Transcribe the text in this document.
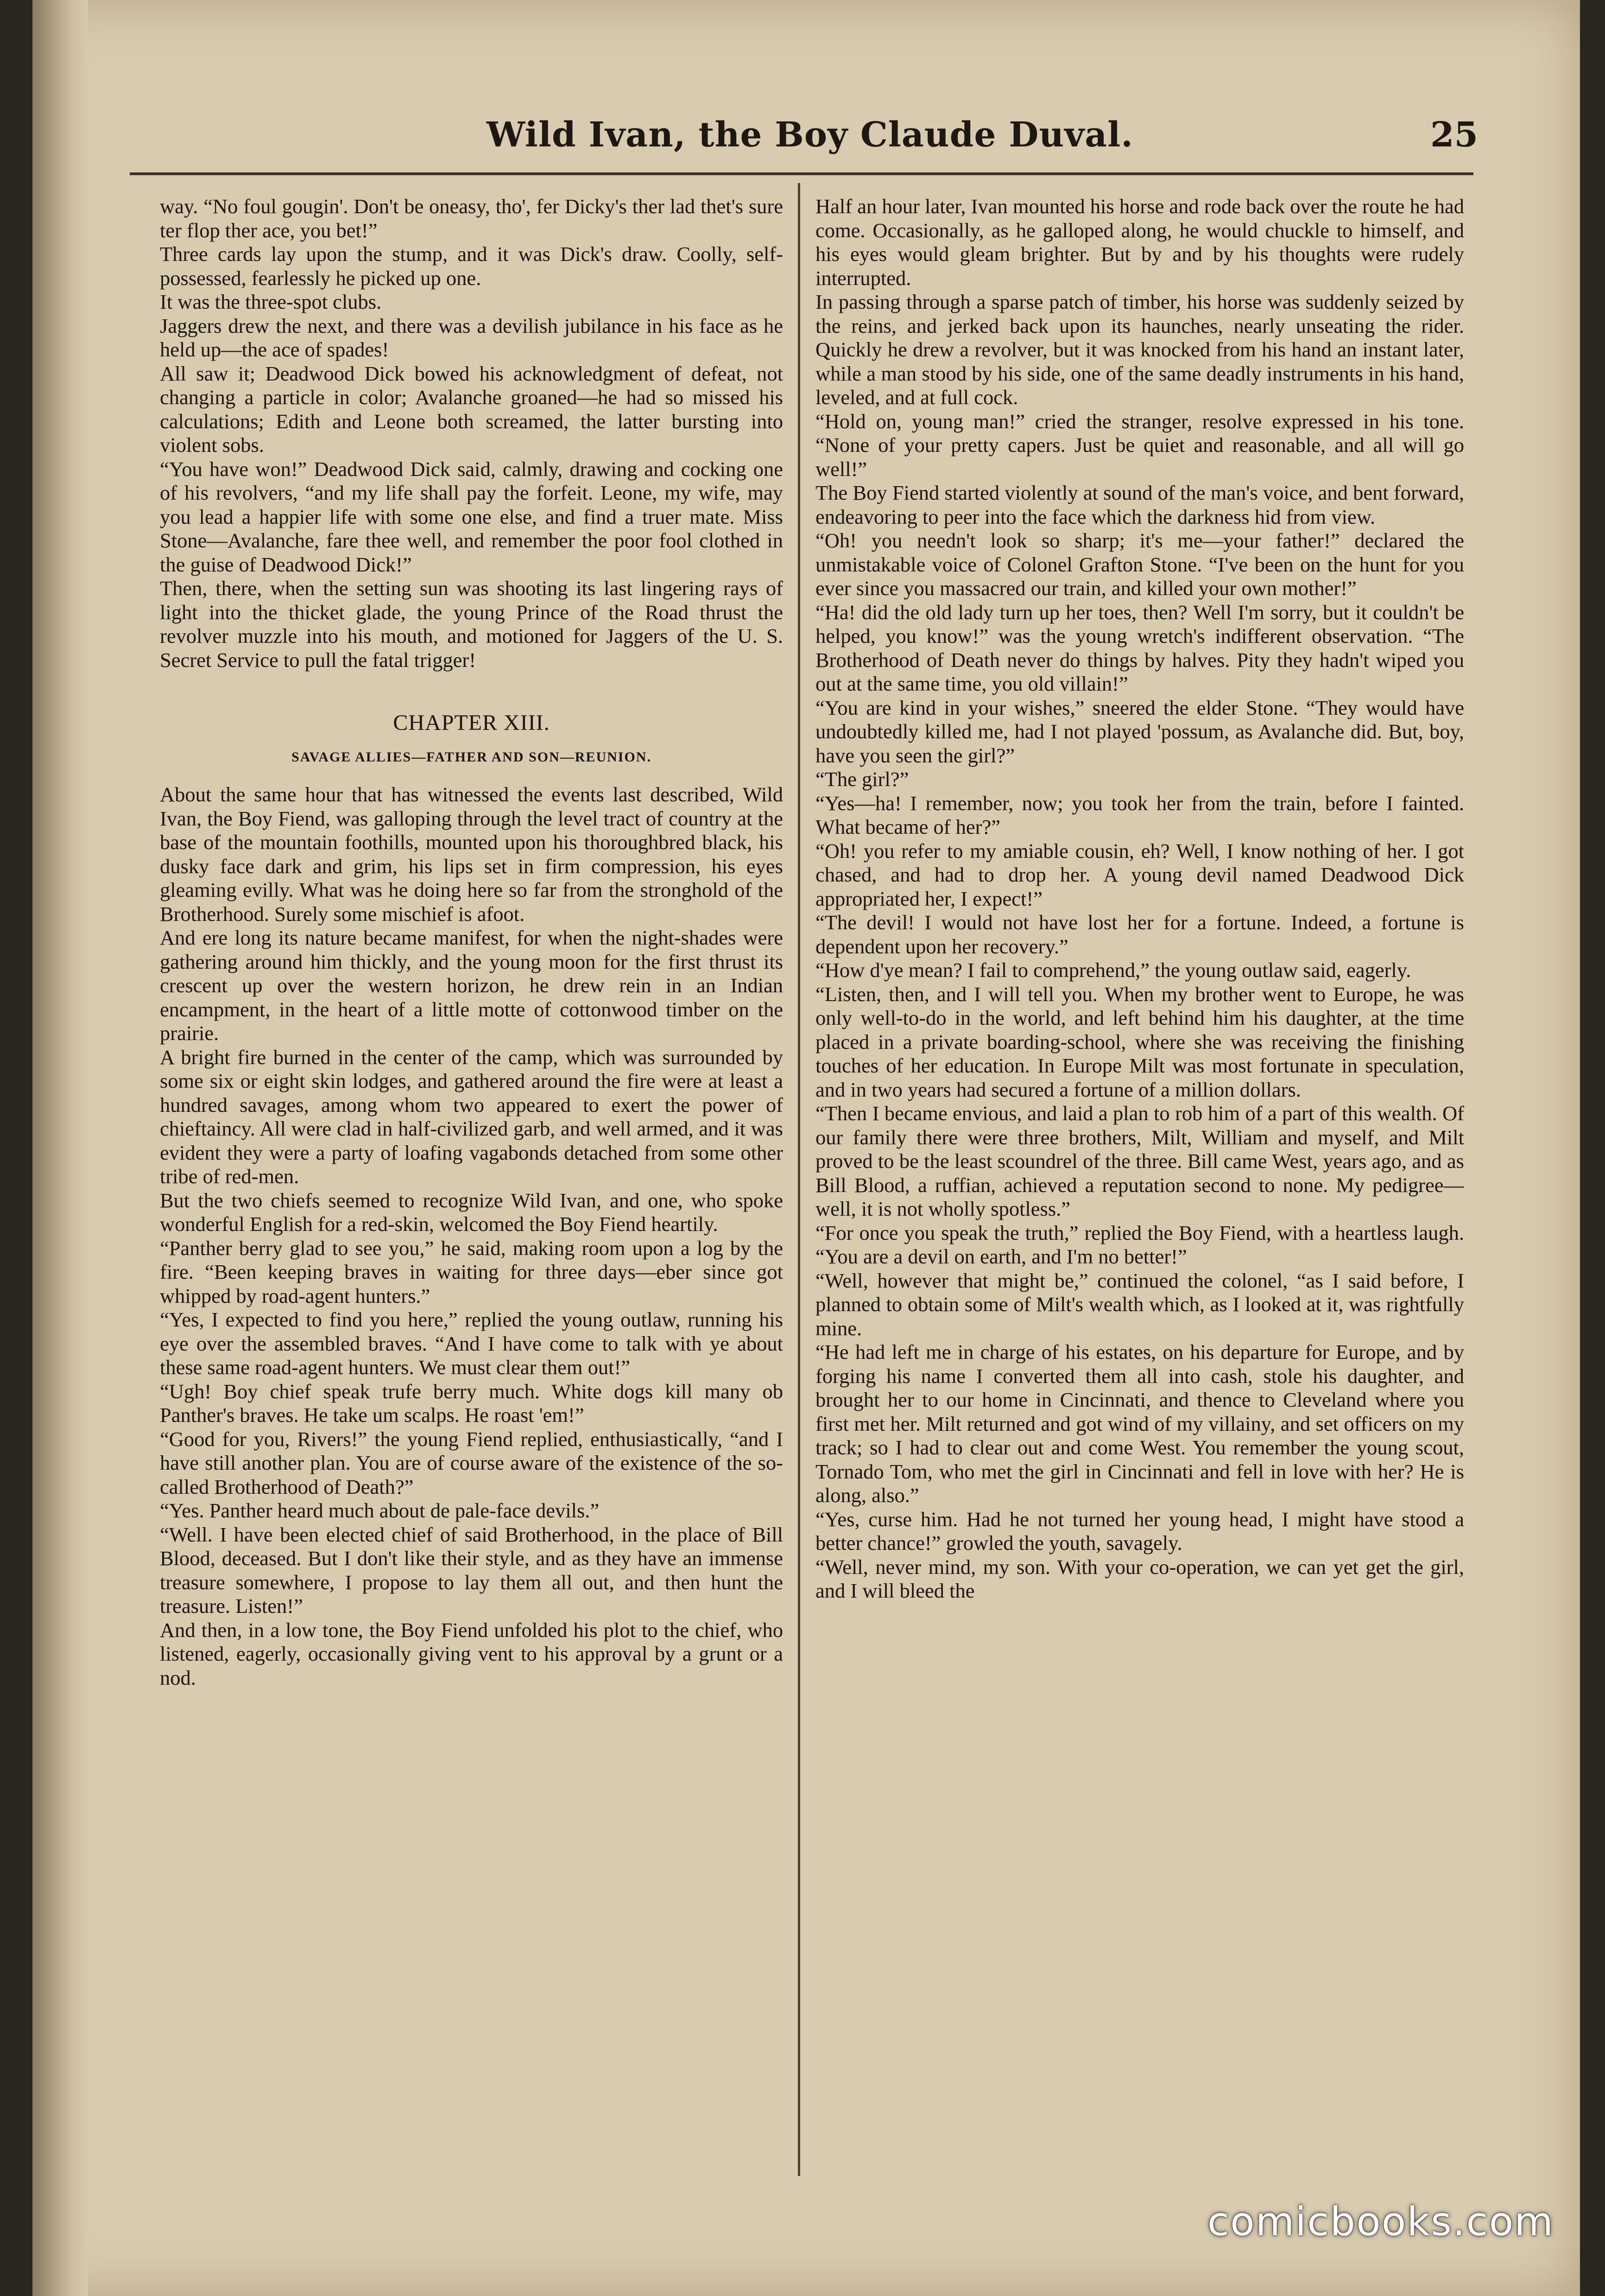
Wild Ivan, the Boy Claude Duval.	25

way. “No foul gougin'. Don't be oneasy, tho', fer Dicky's ther lad thet's sure ter flop ther ace, you bet!”

Three cards lay upon the stump, and it was Dick's draw. Coolly, self-possessed, fearlessly he picked up one.

It was the three-spot clubs.

Jaggers drew the next, and there was a devilish jubilance in his face as he held up—the ace of spades!

All saw it; Deadwood Dick bowed his acknowledgment of defeat, not changing a particle in color; Avalanche groaned—he had so missed his calculations; Edith and Leone both screamed, the latter bursting into violent sobs.

“You have won!” Deadwood Dick said, calmly, drawing and cocking one of his revolvers, “and my life shall pay the forfeit. Leone, my wife, may you lead a happier life with some one else, and find a truer mate. Miss Stone—Avalanche, fare thee well, and remember the poor fool clothed in the guise of Deadwood Dick!”

Then, there, when the setting sun was shooting its last lingering rays of light into the thicket glade, the young Prince of the Road thrust the revolver muzzle into his mouth, and motioned for Jaggers of the U. S. Secret Service to pull the fatal trigger!

CHAPTER XIII.
SAVAGE ALLIES—FATHER AND SON—REUNION.

About the same hour that has witnessed the events last described, Wild Ivan, the Boy Fiend, was galloping through the level tract of country at the base of the mountain foothills, mounted upon his thoroughbred black, his dusky face dark and grim, his lips set in firm compression, his eyes gleaming evilly. What was he doing here so far from the stronghold of the Brotherhood. Surely some mischief is afoot.

And ere long its nature became manifest, for when the night-shades were gathering around him thickly, and the young moon for the first thrust its crescent up over the western horizon, he drew rein in an Indian encampment, in the heart of a little motte of cottonwood timber on the prairie.

A bright fire burned in the center of the camp, which was surrounded by some six or eight skin lodges, and gathered around the fire were at least a hundred savages, among whom two appeared to exert the power of chieftaincy. All were clad in half-civilized garb, and well armed, and it was evident they were a party of loafing vagabonds detached from some other tribe of red-men.

But the two chiefs seemed to recognize Wild Ivan, and one, who spoke wonderful English for a red-skin, welcomed the Boy Fiend heartily.

“Panther berry glad to see you,” he said, making room upon a log by the fire. “Been keeping braves in waiting for three days—eber since got whipped by road-agent hunters.”

“Yes, I expected to find you here,” replied the young outlaw, running his eye over the assembled braves. “And I have come to talk with ye about these same road-agent hunters. We must clear them out!”

“Ugh! Boy chief speak trufe berry much. White dogs kill many ob Panther's braves. He take um scalps. He roast 'em!”

“Good for you, Rivers!” the young Fiend replied, enthusiastically, “and I have still another plan. You are of course aware of the existence of the so-called Brotherhood of Death?”

“Yes. Panther heard much about de pale-face devils.”

“Well. I have been elected chief of said Brotherhood, in the place of Bill Blood, deceased. But I don't like their style, and as they have an immense treasure somewhere, I propose to lay them all out, and then hunt the treasure. Listen!”

And then, in a low tone, the Boy Fiend unfolded his plot to the chief, who listened, eagerly, occasionally giving vent to his approval by a grunt or a nod.

Half an hour later, Ivan mounted his horse and rode back over the route he had come. Occasionally, as he galloped along, he would chuckle to himself, and his eyes would gleam brighter. But by and by his thoughts were rudely interrupted.

In passing through a sparse patch of timber, his horse was suddenly seized by the reins, and jerked back upon its haunches, nearly unseating the rider. Quickly he drew a revolver, but it was knocked from his hand an instant later, while a man stood by his side, one of the same deadly instruments in his hand, leveled, and at full cock.

“Hold on, young man!” cried the stranger, resolve expressed in his tone. “None of your pretty capers. Just be quiet and reasonable, and all will go well!”

The Boy Fiend started violently at sound of the man's voice, and bent forward, endeavoring to peer into the face which the darkness hid from view.

“Oh! you needn't look so sharp; it's me—your father!” declared the unmistakable voice of Colonel Grafton Stone. “I've been on the hunt for you ever since you massacred our train, and killed your own mother!”

“Ha! did the old lady turn up her toes, then? Well I'm sorry, but it couldn't be helped, you know!” was the young wretch's indifferent observation. “The Brotherhood of Death never do things by halves. Pity they hadn't wiped you out at the same time, you old villain!”

“You are kind in your wishes,” sneered the elder Stone. “They would have undoubtedly killed me, had I not played 'possum, as Avalanche did. But, boy, have you seen the girl?”

“The girl?”

“Yes—ha! I remember, now; you took her from the train, before I fainted. What became of her?”

“Oh! you refer to my amiable cousin, eh? Well, I know nothing of her. I got chased, and had to drop her. A young devil named Deadwood Dick appropriated her, I expect!”

“The devil! I would not have lost her for a fortune. Indeed, a fortune is dependent upon her recovery.”

“How d'ye mean? I fail to comprehend,” the young outlaw said, eagerly.

“Listen, then, and I will tell you. When my brother went to Europe, he was only well-to-do in the world, and left behind him his daughter, at the time placed in a private boarding-school, where she was receiving the finishing touches of her education. In Europe Milt was most fortunate in speculation, and in two years had secured a fortune of a million dollars.

“Then I became envious, and laid a plan to rob him of a part of this wealth. Of our family there were three brothers, Milt, William and myself, and Milt proved to be the least scoundrel of the three. Bill came West, years ago, and as Bill Blood, a ruffian, achieved a reputation second to none. My pedigree—well, it is not wholly spotless.”

“For once you speak the truth,” replied the Boy Fiend, with a heartless laugh. “You are a devil on earth, and I'm no better!”

“Well, however that might be,” continued the colonel, “as I said before, I planned to obtain some of Milt's wealth which, as I looked at it, was rightfully mine.

“He had left me in charge of his estates, on his departure for Europe, and by forging his name I converted them all into cash, stole his daughter, and brought her to our home in Cincinnati, and thence to Cleveland where you first met her. Milt returned and got wind of my villainy, and set officers on my track; so I had to clear out and come West. You remember the young scout, Tornado Tom, who met the girl in Cincinnati and fell in love with her? He is along, also.”

“Yes, curse him. Had he not turned her young head, I might have stood a better chance!” growled the youth, savagely.

“Well, never mind, my son. With your co-operation, we can yet get the girl, and I will bleed the

comicbooks.com
